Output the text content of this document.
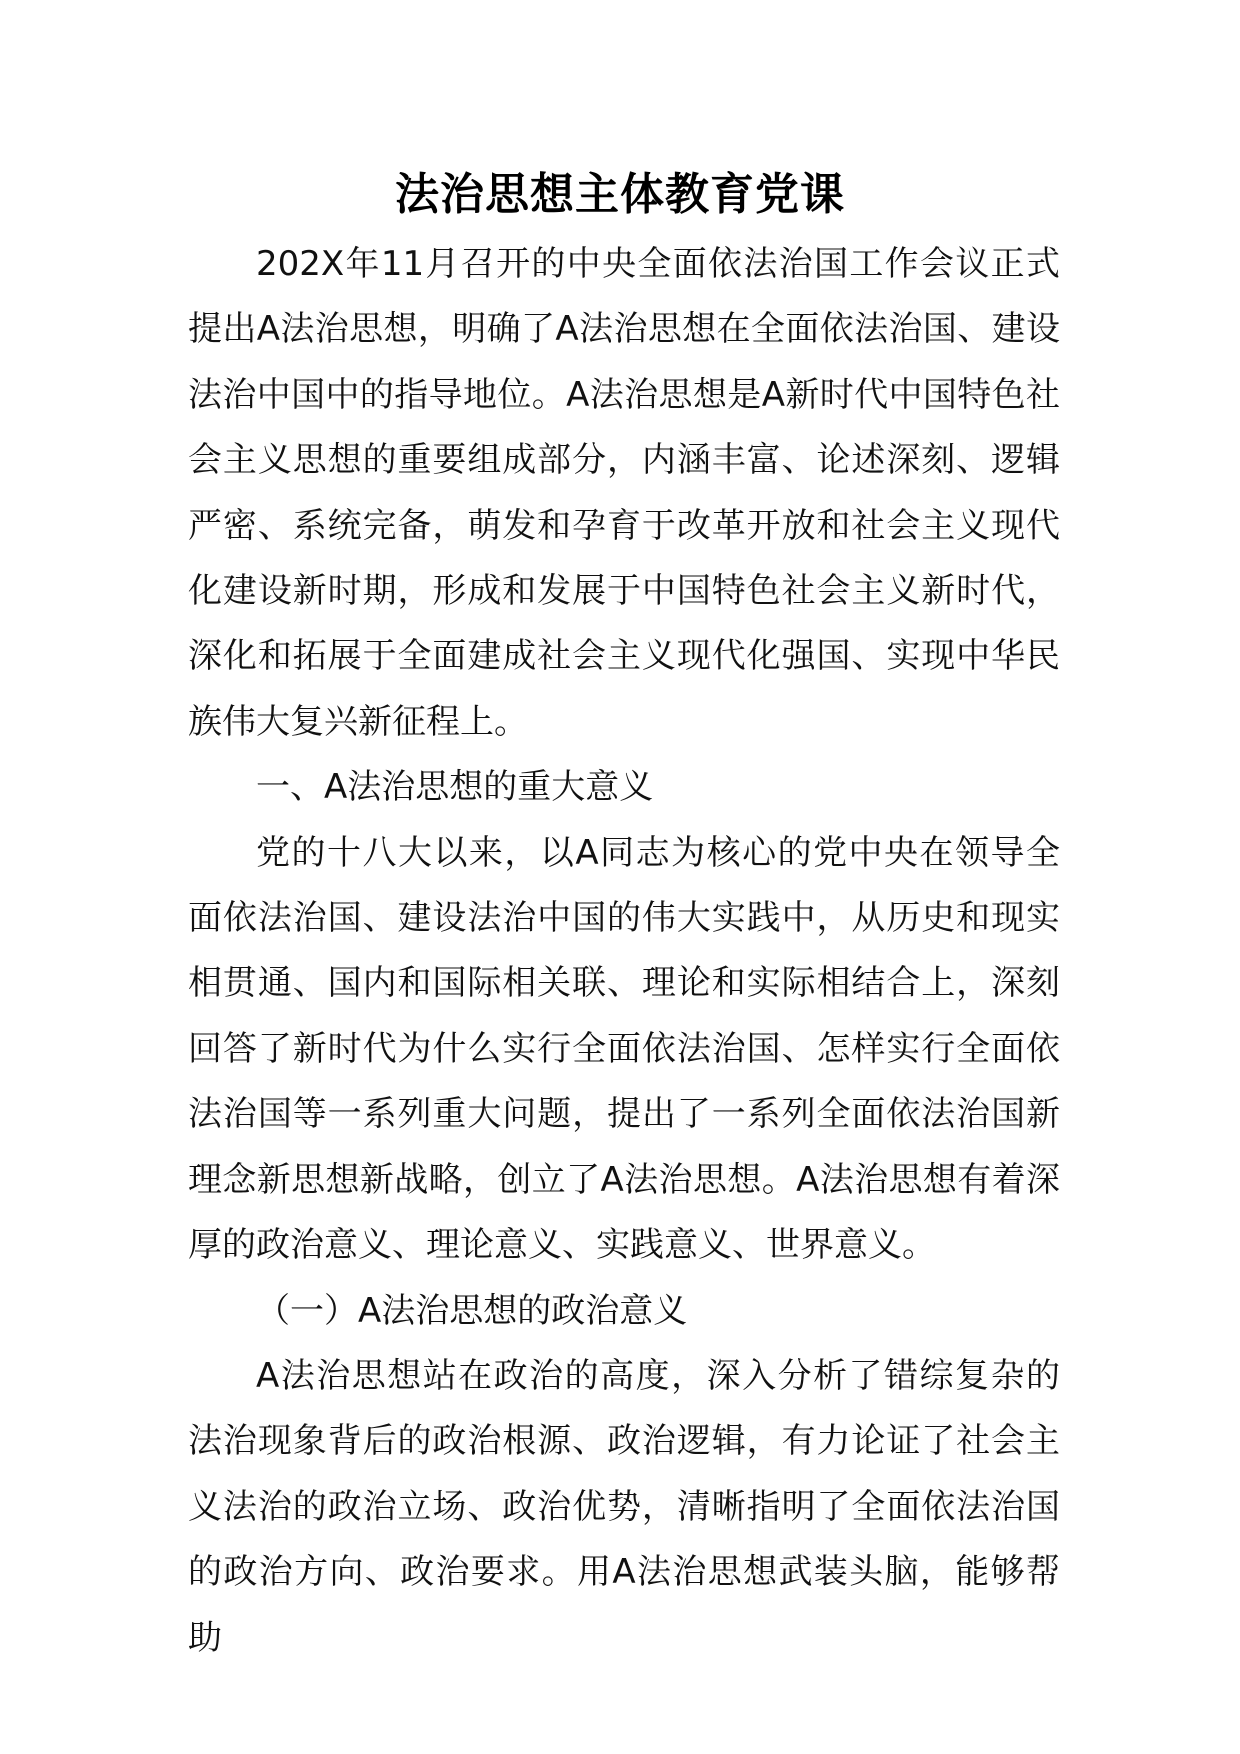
法治思想主体教育党课

202X年11月召开的中央全面依法治国工作会议正式提出A法治思想，明确了A法治思想在全面依法治国、建设法治中国中的指导地位。A法治思想是A新时代中国特色社会主义思想的重要组成部分，内涵丰富、论述深刻、逻辑严密、系统完备，萌发和孕育于改革开放和社会主义现代化建设新时期，形成和发展于中国特色社会主义新时代，深化和拓展于全面建成社会主义现代化强国、实现中华民族伟大复兴新征程上。

一、A法治思想的重大意义

党的十八大以来，以A同志为核心的党中央在领导全面依法治国、建设法治中国的伟大实践中，从历史和现实相贯通、国内和国际相关联、理论和实际相结合上，深刻回答了新时代为什么实行全面依法治国、怎样实行全面依法治国等一系列重大问题，提出了一系列全面依法治国新理念新思想新战略，创立了A法治思想。A法治思想有着深厚的政治意义、理论意义、实践意义、世界意义。

（一）A法治思想的政治意义

A法治思想站在政治的高度，深入分析了错综复杂的法治现象背后的政治根源、政治逻辑，有力论证了社会主义法治的政治立场、政治优势，清晰指明了全面依法治国的政治方向、政治要求。用A法治思想武装头脑，能够帮助
